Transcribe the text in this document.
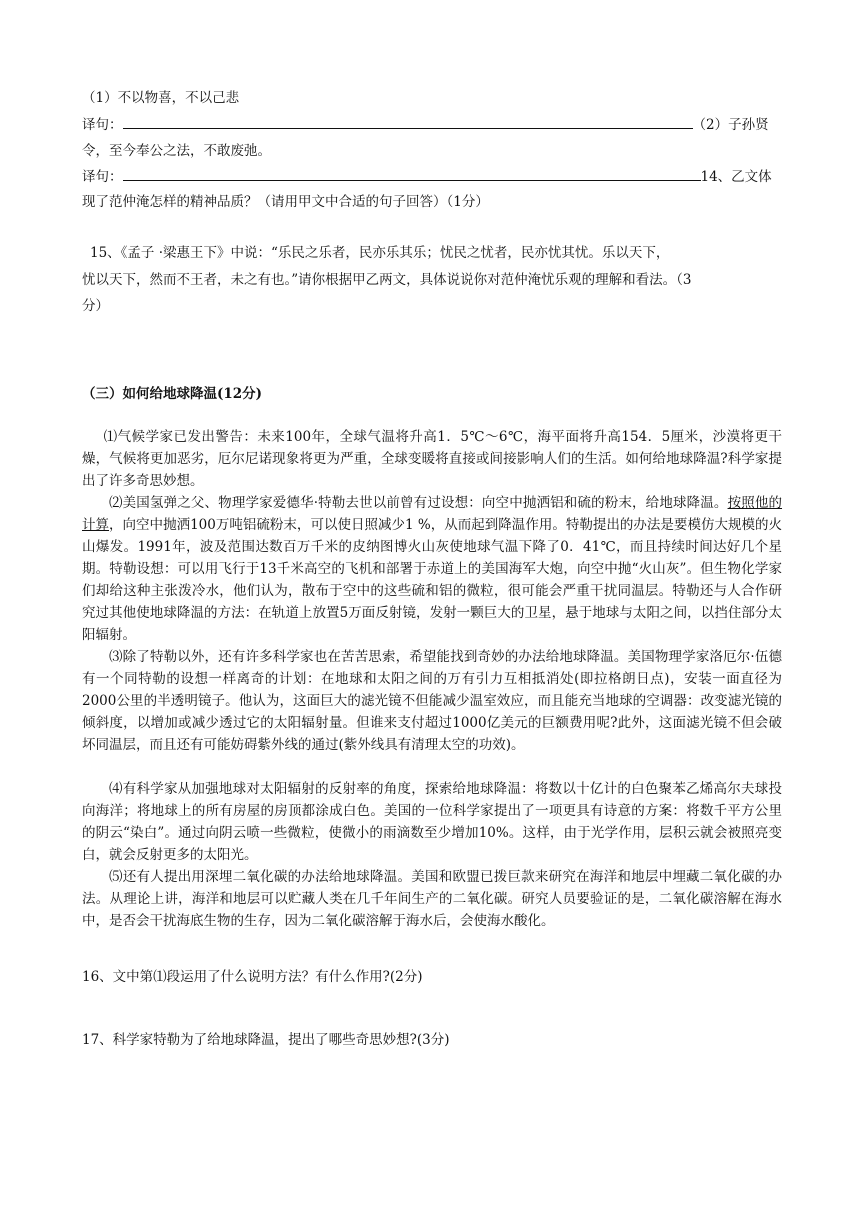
（1）不以物喜，不以己悲
译句：	（2）子孙贤
令，至今奉公之法，不敢废弛。
译句：	14、乙文体
现了范仲淹怎样的精神品质？（请用甲文中合适的句子回答）（1分）
15、《孟子 ·梁惠王下》中说：“乐民之乐者，民亦乐其乐；忧民之忧者，民亦忧其忧。乐以天下，
忧以天下，然而不王者，未之有也。”请你根据甲乙两文，具体说说你对范仲淹忧乐观的理解和看法。（3
分）
（三）如何给地球降温(12分)
⑴气候学家已发出警告：未来100年，全球气温将升高1．5℃～6℃，海平面将升高154．5厘米，沙漠将更干燥，气候将更加恶劣，厄尔尼诺现象将更为严重，全球变暖将直接或间接影响人们的生活。如何给地球降温?科学家提出了许多奇思妙想。
⑵美国氢弹之父、物理学家爱德华·特勒去世以前曾有过设想：向空中抛洒铝和硫的粉末，给地球降温。按照他的计算，向空中抛洒100万吨铝硫粉末，可以使日照减少1 %，从而起到降温作用。特勒提出的办法是要模仿大规模的火山爆发。1991年，波及范围达数百万千米的皮纳图博火山灰使地球气温下降了0．41℃，而且持续时间达好几个星期。特勒设想：可以用飞行于13千米高空的飞机和部署于赤道上的美国海军大炮，向空中抛“火山灰”。但生物化学家们却给这种主张泼冷水，他们认为，散布于空中的这些硫和铝的微粒，很可能会严重干扰同温层。特勒还与人合作研究过其他使地球降温的方法：在轨道上放置5万面反射镜，发射一颗巨大的卫星，悬于地球与太阳之间，以挡住部分太阳辐射。
⑶除了特勒以外，还有许多科学家也在苦苦思索，希望能找到奇妙的办法给地球降温。美国物理学家洛厄尔·伍德有一个同特勒的设想一样离奇的计划：在地球和太阳之间的万有引力互相抵消处(即拉格朗日点)，安装一面直径为2000公里的半透明镜子。他认为，这面巨大的滤光镜不但能减少温室效应，而且能充当地球的空调器：改变滤光镜的倾斜度，以增加或减少透过它的太阳辐射量。但谁来支付超过1000亿美元的巨额费用呢?此外，这面滤光镜不但会破坏同温层，而且还有可能妨碍紫外线的通过(紫外线具有清理太空的功效)。
⑷有科学家从加强地球对太阳辐射的反射率的角度，探索给地球降温：将数以十亿计的白色聚苯乙烯高尔夫球投向海洋；将地球上的所有房屋的房顶都涂成白色。美国的一位科学家提出了一项更具有诗意的方案：将数千平方公里的阴云“染白”。通过向阴云喷一些微粒，使微小的雨滴数至少增加10%。这样，由于光学作用，层积云就会被照亮变白，就会反射更多的太阳光。
⑸还有人提出用深埋二氧化碳的办法给地球降温。美国和欧盟已拨巨款来研究在海洋和地层中埋藏二氧化碳的办法。从理论上讲，海洋和地层可以贮藏人类在几千年间生产的二氧化碳。研究人员要验证的是，二氧化碳溶解在海水中，是否会干扰海底生物的生存，因为二氧化碳溶解于海水后，会使海水酸化。
16、文中第⑴段运用了什么说明方法？有什么作用?(2分)
17、科学家特勒为了给地球降温，提出了哪些奇思妙想?(3分)
